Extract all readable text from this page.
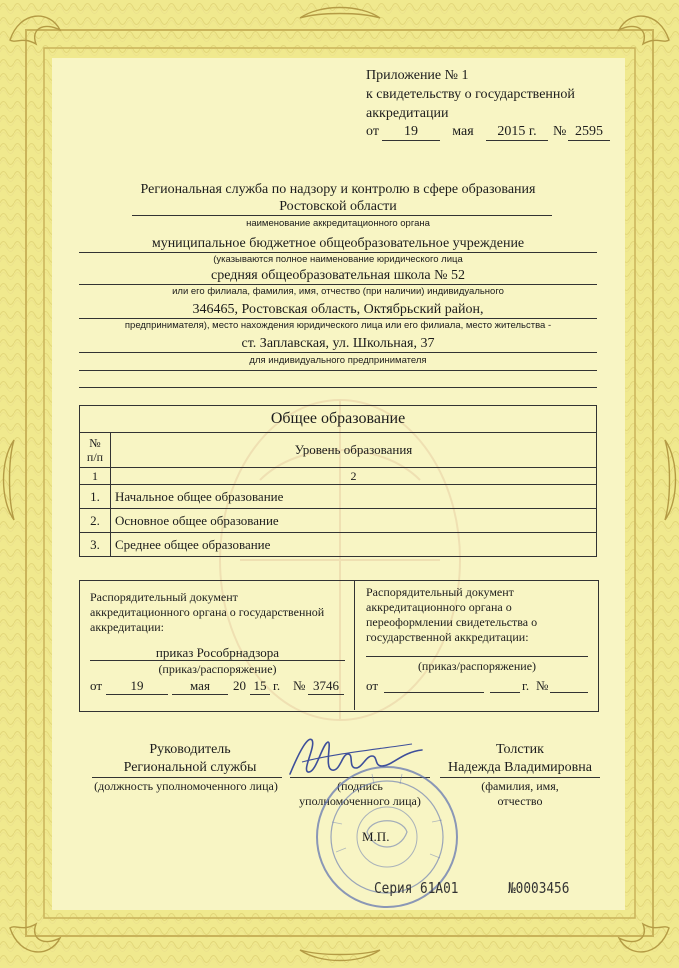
Приложение № 1
к свидетельству о государственной
аккредитации
от	19	мая	2015 г.	№ 2595
Региональная служба по надзору и контролю в сфере образования
Ростовской области
наименование аккредитационного органа
муниципальное бюджетное общеобразовательное учреждение
(указываются полное наименование юридического лица
средняя общеобразовательная школа № 52
или его филиала, фамилия, имя, отчество (при наличии) индивидуального
346465, Ростовская область, Октябрьский район,
предпринимателя), место нахождения юридического лица или его филиала, место жительства -
ст. Заплавская, ул. Школьная, 37
для индивидуального предпринимателя
Общее образование	
№ п/п	Уровень образования
1	2
1.	Начальное общее образование
2.	Основное общее образование
3.	Среднее общее образование
Распорядительный документ аккредитационного органа о государственной аккредитации:
приказ Рособрнадзора
(приказ/распоряжение)
от	19	мая	20 15 г. № 3746
Распорядительный документ аккредитационного органа о переоформлении свидетельства о государственной аккредитации:
(приказ/распоряжение)
от	г. №
Руководитель
Региональной службы
(должность уполномоченного лица)	(подпись
уполномоченного лица)
Толстик
Надежда Владимировна
(фамилия, имя,
отчество
М.П.
Серия 61А01	№0003456
